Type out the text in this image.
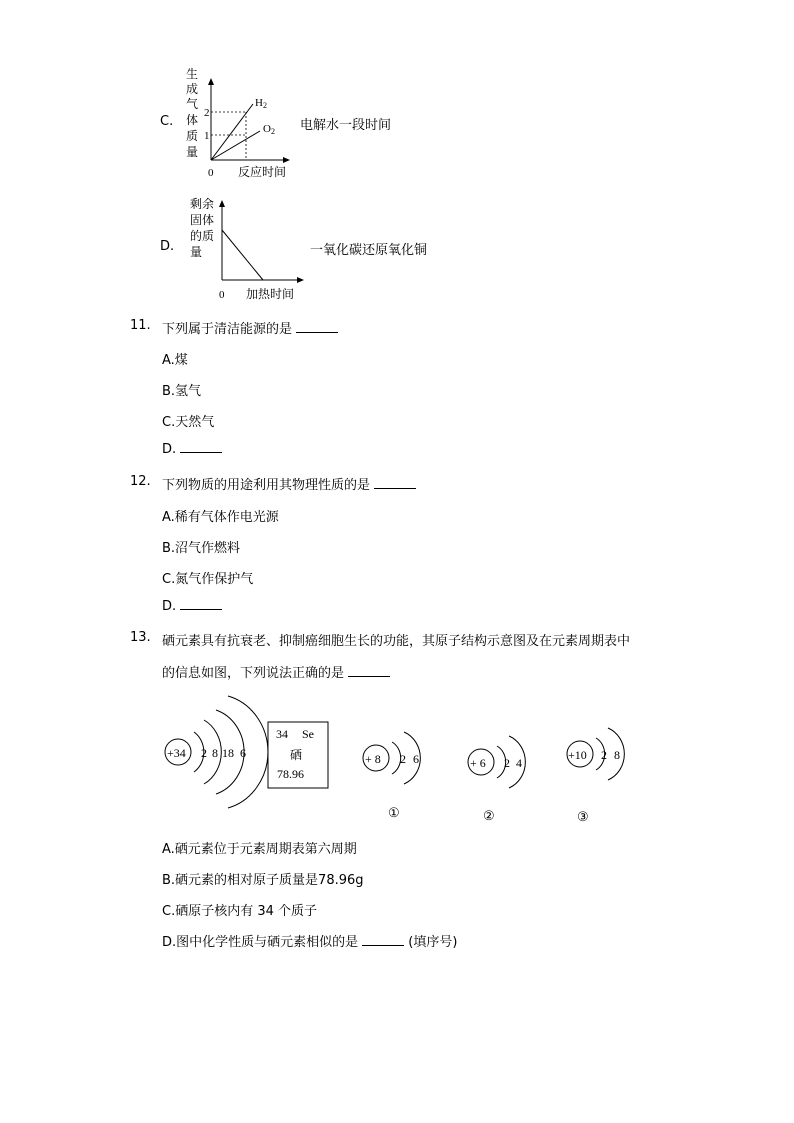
C.
生
成
气
体
质
量
2
1
H2
O2
0 反应时间
电解水一段时间
D.
剩余
固体
的质
量
0 加热时间
一氧化碳还原氧化铜
11. 下列属于清洁能源的是
A.煤
B.氢气
C.天然气
D.
12. 下列物质的用途利用其物理性质的是
A.稀有气体作电光源
B.沼气作燃料
C.氮气作保护气
D.
13. 硒元素具有抗衰老、抑制癌细胞生长的功能，其原子结构示意图及在元素周期表中
的信息如图，下列说法正确的是
+34 2 8 18 6
34 Se
硒
78.96
+ 8 2 6
①
+ 6 2 4
②
+10 2 8
③
A.硒元素位于元素周期表第六周期
B.硒元素的相对原子质量是78.96g
C.硒原子核内有 34 个质子
D.图中化学性质与硒元素相似的是	(填序号)
